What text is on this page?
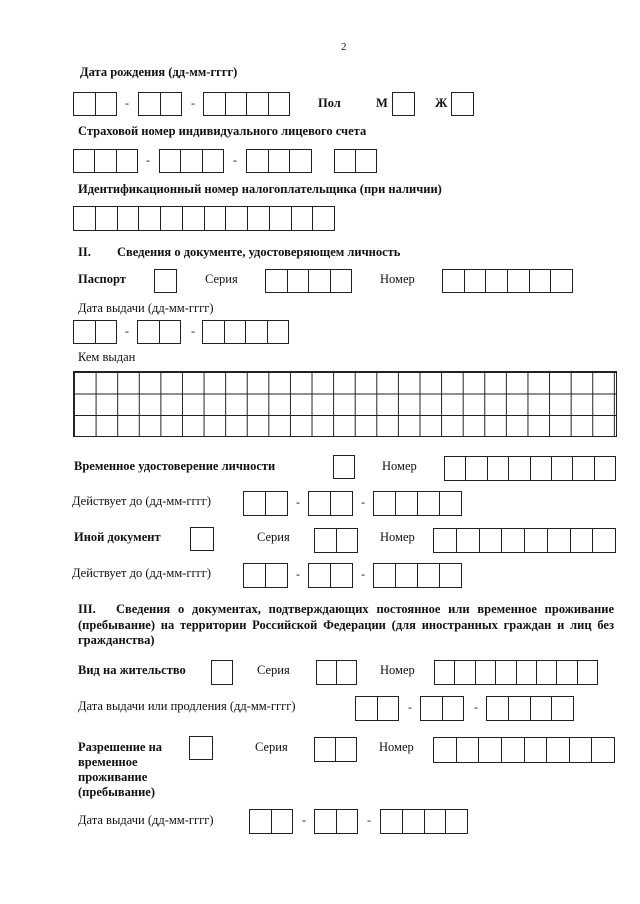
2
Дата рождения (дд-мм-гггг)
-	-	Пол	М	Ж
Страховой номер индивидуального лицевого счета
-	-
Идентификационный номер налогоплательщика (при наличии)
II. Сведения о документе, удостоверяющем личность
Паспорт	Серия	Номер
Дата выдачи (дд-мм-гггг)
-	-
Кем выдан
Временное удостоверение личности	Номер
Действует до (дд-мм-гггг)	-	-
Иной документ	Серия	Номер
Действует до (дд-мм-гггг)	-	-
III.	Сведения о документах, подтверждающих постоянное или временное проживание (пребывание) на территории Российской Федерации (для иностранных граждан и лиц без гражданства)
Вид на жительство	Серия	Номер
Дата выдачи или продления (дд-мм-гггг)	-	-
Разрешение на
временное
проживание
(пребывание)
Серия	Номер
Дата выдачи (дд-мм-гггг)	-	-
